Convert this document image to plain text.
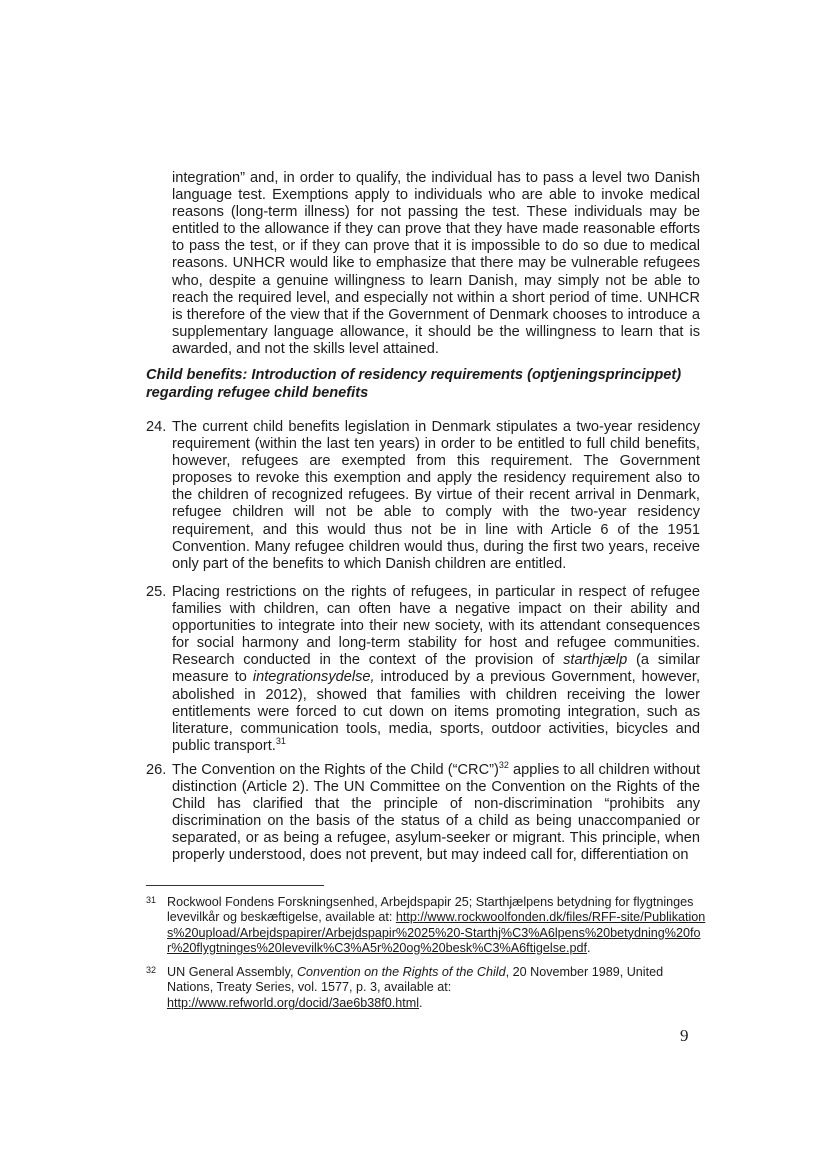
integration” and, in order to qualify, the individual has to pass a level two Danish language test. Exemptions apply to individuals who are able to invoke medical reasons (long-term illness) for not passing the test. These individuals may be entitled to the allowance if they can prove that they have made reasonable efforts to pass the test, or if they can prove that it is impossible to do so due to medical reasons. UNHCR would like to emphasize that there may be vulnerable refugees who, despite a genuine willingness to learn Danish, may simply not be able to reach the required level, and especially not within a short period of time. UNHCR is therefore of the view that if the Government of Denmark chooses to introduce a supplementary language allowance, it should be the willingness to learn that is awarded, and not the skills level attained.

Child benefits: Introduction of residency requirements (optjeningsprincippet) regarding refugee child benefits

24. The current child benefits legislation in Denmark stipulates a two-year residency requirement (within the last ten years) in order to be entitled to full child benefits, however, refugees are exempted from this requirement. The Government proposes to revoke this exemption and apply the residency requirement also to the children of recognized refugees. By virtue of their recent arrival in Denmark, refugee children will not be able to comply with the two-year residency requirement, and this would thus not be in line with Article 6 of the 1951 Convention. Many refugee children would thus, during the first two years, receive only part of the benefits to which Danish children are entitled.

25. Placing restrictions on the rights of refugees, in particular in respect of refugee families with children, can often have a negative impact on their ability and opportunities to integrate into their new society, with its attendant consequences for social harmony and long-term stability for host and refugee communities. Research conducted in the context of the provision of starthjælp (a similar measure to integrationsydelse, introduced by a previous Government, however, abolished in 2012), showed that families with children receiving the lower entitlements were forced to cut down on items promoting integration, such as literature, communication tools, media, sports, outdoor activities, bicycles and public transport.$^{31}$

26. The Convention on the Rights of the Child (“CRC”)$^{32}$ applies to all children without distinction (Article 2). The UN Committee on the Convention on the Rights of the Child has clarified that the principle of non-discrimination “prohibits any discrimination on the basis of the status of a child as being unaccompanied or separated, or as being a refugee, asylum-seeker or migrant. This principle, when properly understood, does not prevent, but may indeed call for, differentiation on

31 Rockwool Fondens Forskningsenhed, Arbejdspapir 25; Starthjælpens betydning for flygtninges levevilkår og beskæftigelse, available at: http://www.rockwoolfonden.dk/files/RFF-site/Publikations%20upload/Arbejdspapirer/Arbejdspapir%2025%20-Starthj%C3%A6lpens%20betydning%20for%20flygtninges%20levevilk%C3%A5r%20og%20besk%C3%A6ftigelse.pdf.
32 UN General Assembly, Convention on the Rights of the Child, 20 November 1989, United Nations, Treaty Series, vol. 1577, p. 3, available at:
http://www.refworld.org/docid/3ae6b38f0.html.
9
